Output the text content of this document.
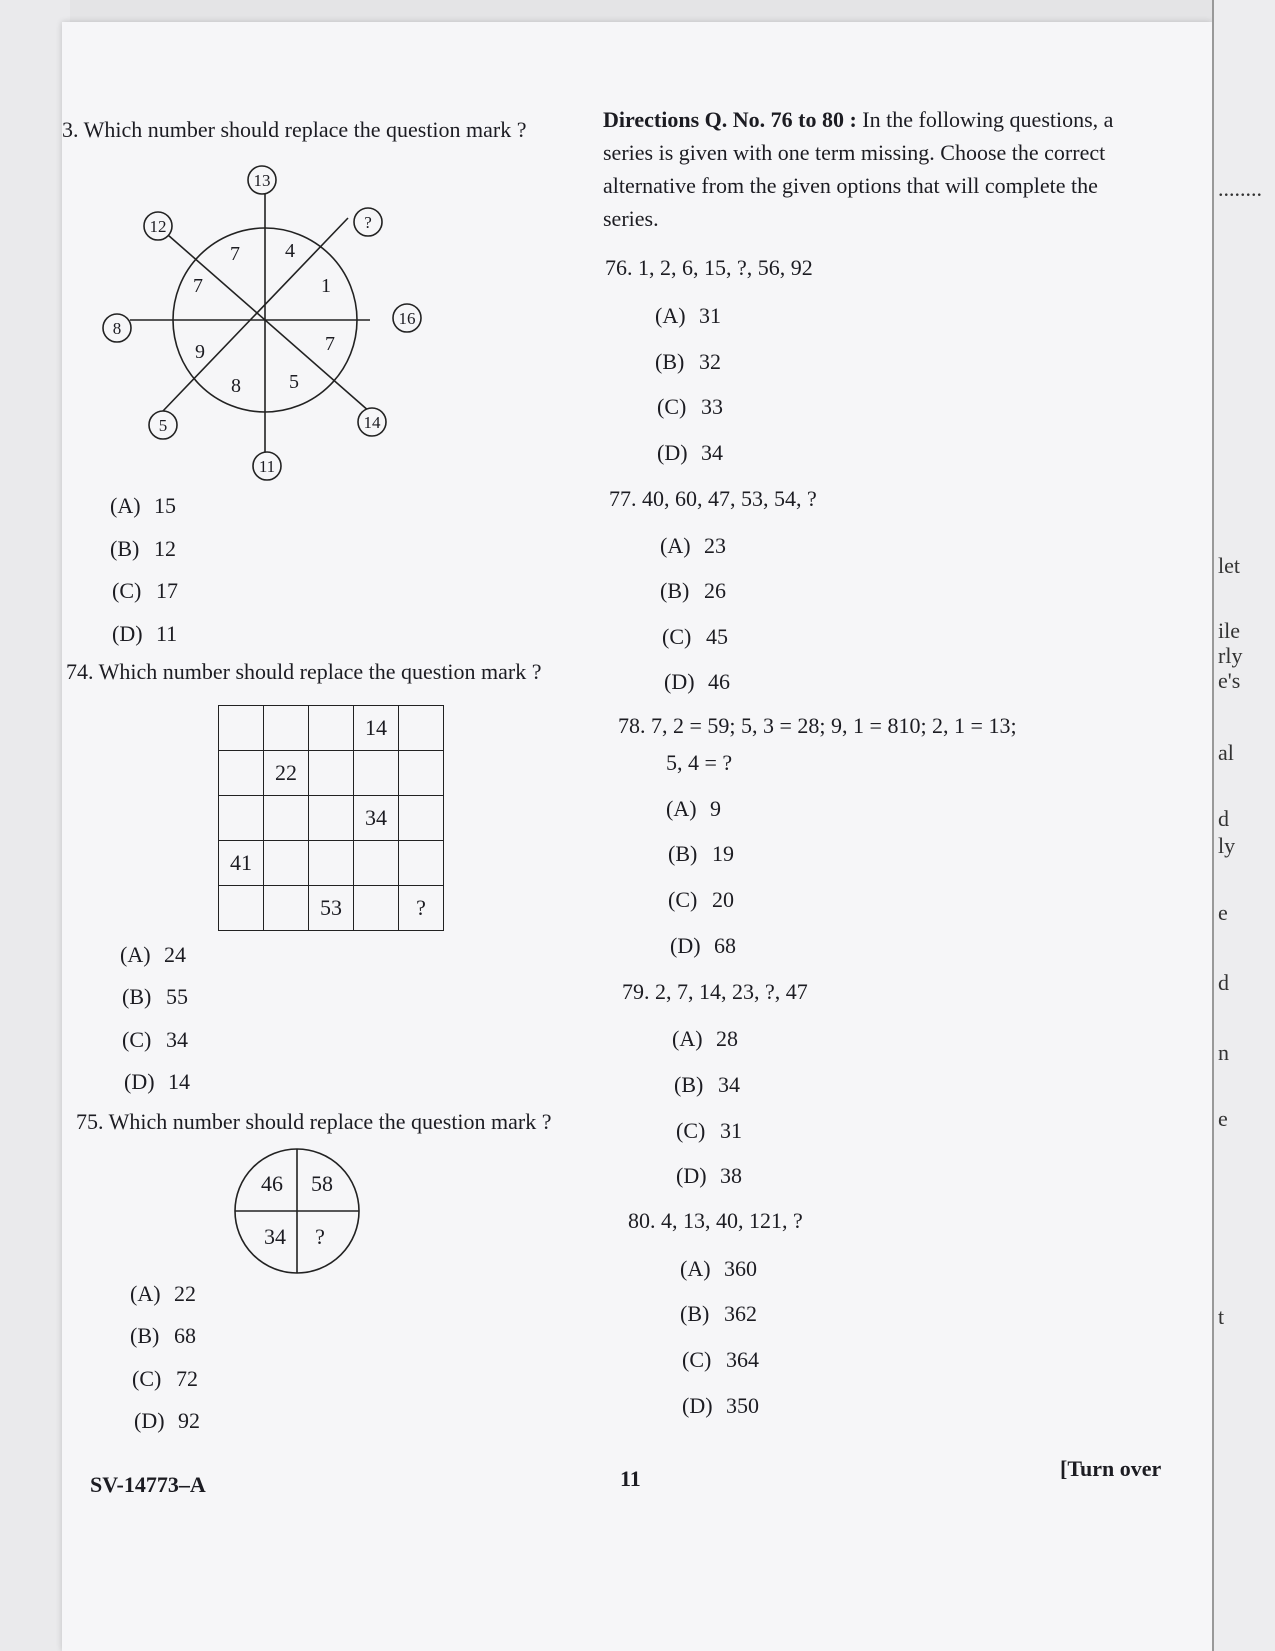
........
let
ile
rly
e's
al
d
ly
e
d
n
e
t
3. Which number should replace the question mark ?
13
12	?
8
16
5	14
11
7 4
7	1
9	7
8 5
(A) 15
(B) 12
(C) 17
(D) 11
74. Which number should replace the question mark ?
			14	
	22			
			34	
41				
		53		?
(A) 24
(B) 55
(C) 34
(D) 14
75. Which number should replace the question mark ?
46 58
34 ?
(A) 22
(B) 68
(C) 72
(D) 92
Directions Q. No. 76 to 80 : In the following questions, a series is given with one term missing. Choose the correct alternative from the given options that will complete the series.
76. 1, 2, 6, 15, ?, 56, 92
(A) 31
(B) 32
(C) 33
(D) 34
77. 40, 60, 47, 53, 54, ?
(A) 23
(B) 26
(C) 45
(D) 46
78. 7, 2 = 59; 5, 3 = 28; 9, 1 = 810; 2, 1 = 13;
5, 4 = ?
(A) 9
(B) 19
(C) 20
(D) 68
79. 2, 7, 14, 23, ?, 47
(A) 28
(B) 34
(C) 31
(D) 38
80. 4, 13, 40, 121, ?
(A) 360
(B) 362
(C) 364
(D) 350
SV-14773–A	11	[Turn over
